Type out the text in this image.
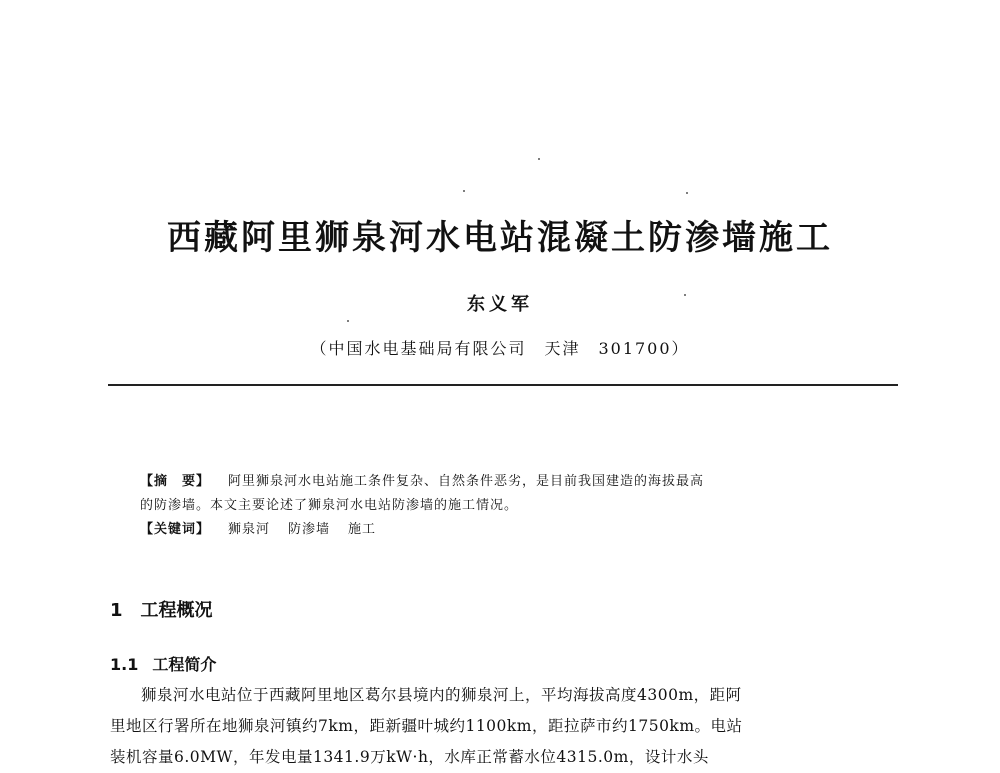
西藏阿里狮泉河水电站混凝土防渗墙施工
东义军
（中国水电基础局有限公司　天津　301700）
【摘　要】 阿里狮泉河水电站施工条件复杂、自然条件恶劣，是目前我国建造的海拔最高
的防渗墙。本文主要论述了狮泉河水电站防渗墙的施工情况。
【关键词】 狮泉河 防渗墙 施工
1 工程概况
1.1 工程简介
狮泉河水电站位于西藏阿里地区葛尔县境内的狮泉河上，平均海拔高度4300m，距阿
里地区行署所在地狮泉河镇约7km，距新疆叶城约1100km，距拉萨市约1750km。电站
装机容量6.0MW，年发电量1341.9万kW·h，水库正常蓄水位4315.0m，设计水头
